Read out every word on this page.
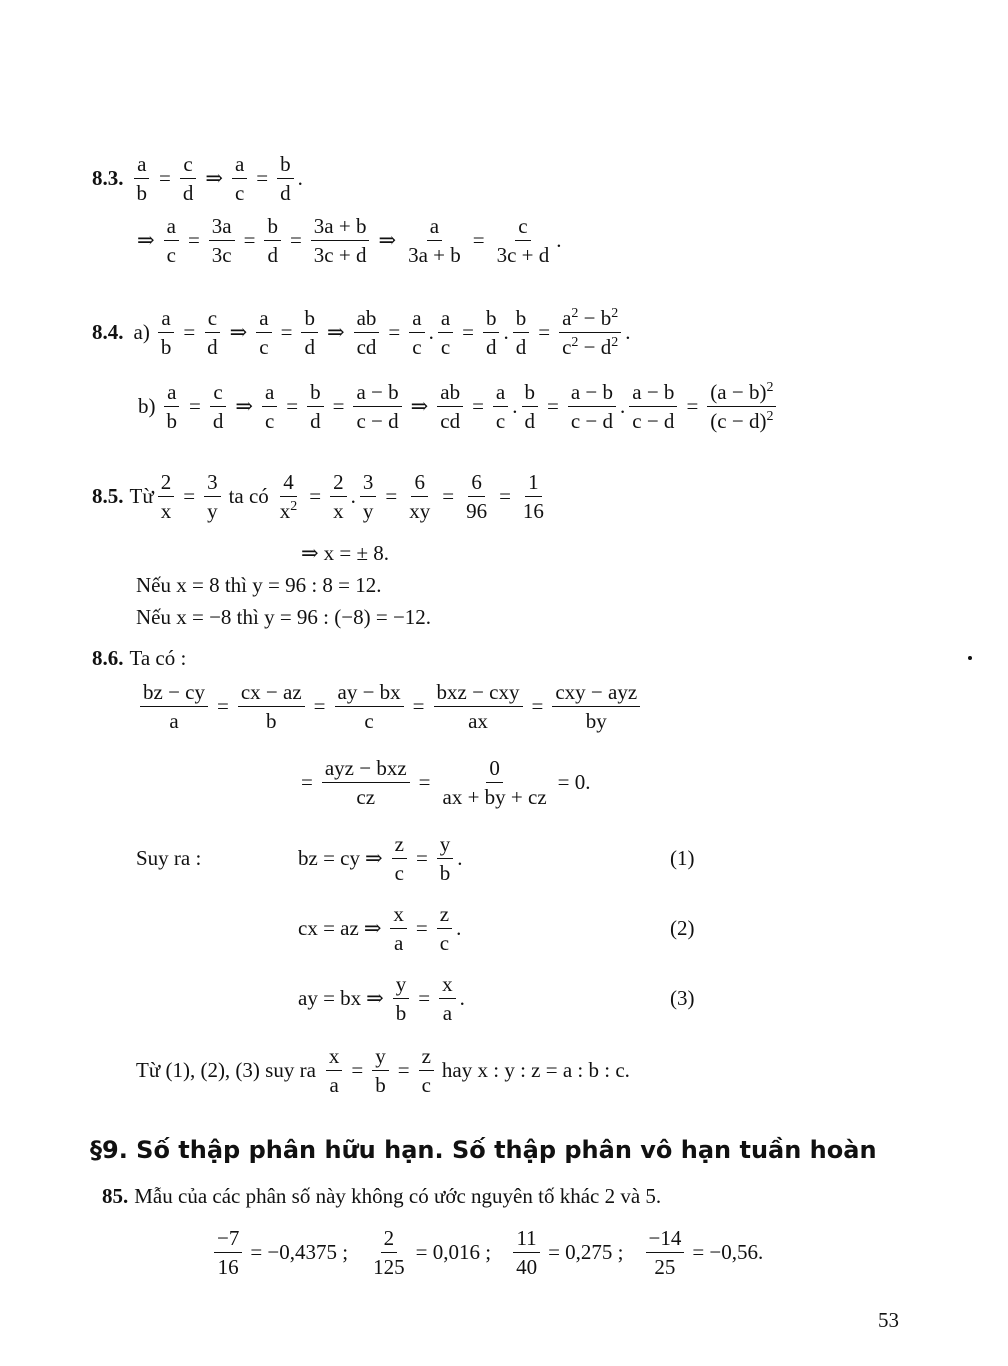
8.3. $\frac{a}{b} = \frac{c}{d}$ ⇒ $\frac{a}{c} = \frac{b}{d}$ .
⇒ $\frac{a}{c} = \frac{3a}{3c} = \frac{b}{d} = \frac{3a + b}{3c + d}$ ⇒ $\frac{a}{3a + b} = \frac{c}{3c + d}$ .
8.4. $a) \frac{a}{b} = \frac{c}{d}$ ⇒ $\frac{a}{c} = \frac{b}{d}$ ⇒ $\frac{ab}{cd} = \frac{a}{c}$ . $\frac{a}{c} = \frac{b}{d}$ . $\frac{b}{d} = \frac{a^2 - b^2}{c^2 - d^2}$ .
$b) \frac{a}{b} = \frac{c}{d}$ ⇒ $\frac{a}{c} = \frac{b}{d} = \frac{a - b}{c - d}$ ⇒ $\frac{ab}{cd} = \frac{a}{c}$ . $\frac{b}{d} = \frac{a - b}{c - d}$ . $\frac{a - b}{c - d} = \frac{(a - b)^2}{(c - d)^2}$
8.5. Từ $\frac{2}{x} = \frac{3}{y}$ ta có $\frac{4}{x^2} = \frac{2}{x}$ . $\frac{3}{y} = \frac{6}{xy} = \frac{6}{96} = \frac{1}{16}$
⇒ x = ± 8.
Nếu x = 8 thì y = 96 : 8 = 12.
Nếu x = −8 thì y = 96 : (−8) = −12.
8.6. Ta có :
$\frac{bz - cy}{a} = \frac{cx - az}{b} = \frac{ay - bx}{c} = \frac{\text{bxz − cxy}}{ax} = \frac{\text{cxy − ayz}}{by}$
= $\frac{\text{ayz − bxz}}{cz} = \frac{0}{ax + by + cz} = 0$.
Suy ra :	bz = cy ⇒ $\frac{z}{c} = \frac{y}{b}$ .	(1)
cx = az ⇒ $\frac{x}{a} = \frac{z}{c}$ .	(2)
ay = bx ⇒ $\frac{y}{b} = \frac{x}{a}$ .	(3)
Từ (1), (2), (3) suy ra $\frac{x}{a} = \frac{y}{b} = \frac{z}{c}$ hay x : y : z = a : b : c.
§9. Số thập phân hữu hạn. Số thập phân vô hạn tuần hoàn
85. Mẫu của các phân số này không có ước nguyên tố khác 2 và 5.
$\frac{-7}{16} = -0,4375$ ; $\frac{2}{125} = 0,016$ ; $\frac{11}{40} = 0,275$ ; $\frac{-14}{25} = -0,56$.
53
